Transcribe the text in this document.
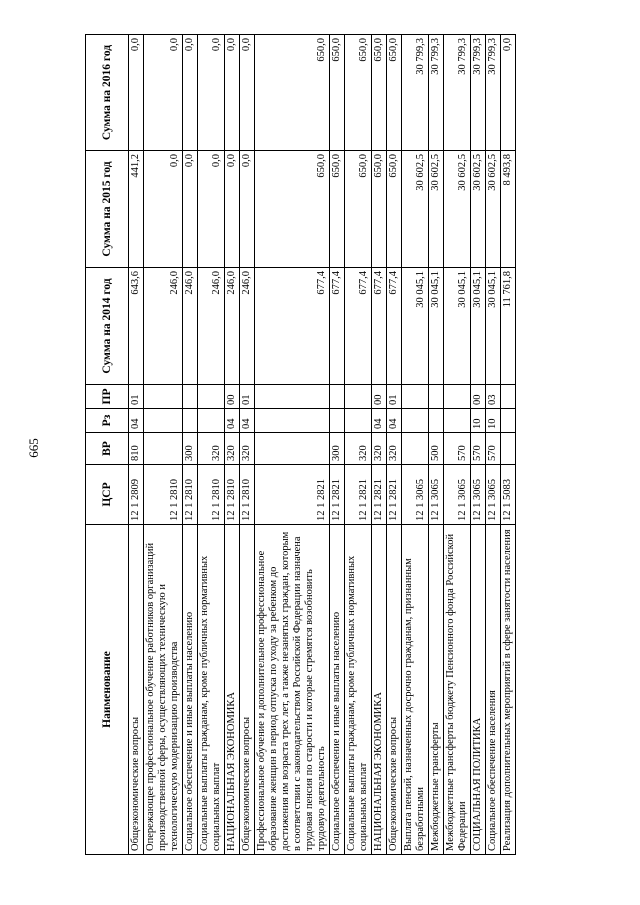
665
Наименование	ЦСР	ВР	Рз	ПР	Сумма на 2014 год	Сумма на 2015 год	Сумма на 2016 год
Общеэкономические вопросы	12 1 2809	810	04	01	643,6	441,2	0,0
Опережающее профессиональное обучение работников организаций производственной сферы, осуществляющих техническую и технологическую модернизацию производства	12 1 2810				246,0	0,0	0,0
Социальное обеспечение и иные выплаты населению	12 1 2810	300			246,0	0,0	0,0
Социальные выплаты гражданам, кроме публичных нормативных социальных выплат	12 1 2810	320			246,0	0,0	0,0
НАЦИОНАЛЬНАЯ ЭКОНОМИКА	12 1 2810	320	04	00	246,0	0,0	0,0
Общеэкономические вопросы	12 1 2810	320	04	01	246,0	0,0	0,0
Профессиональное обучение и дополнительное профессиональное образование женщин в период отпуска по уходу за ребенком до достижения им возраста трех лет, а также незанятых граждан, которым в соответствии с законодательством Российской Федерации назначена трудовая пенсия по старости и которые стремятся возобновить трудовую деятельность	12 1 2821				677,4	650,0	650,0
Социальное обеспечение и иные выплаты населению	12 1 2821	300			677,4	650,0	650,0
Социальные выплаты гражданам, кроме публичных нормативных социальных выплат	12 1 2821	320			677,4	650,0	650,0
НАЦИОНАЛЬНАЯ ЭКОНОМИКА	12 1 2821	320	04	00	677,4	650,0	650,0
Общеэкономические вопросы	12 1 2821	320	04	01	677,4	650,0	650,0
Выплата пенсий, назначенных досрочно гражданам, признанным безработными	12 1 3065				30 045,1	30 602,5	30 799,3
Межбюджетные трансферты	12 1 3065	500			30 045,1	30 602,5	30 799,3
Межбюджетные трансферты бюджету Пенсионного фонда Российской Федерации	12 1 3065	570			30 045,1	30 602,5	30 799,3
СОЦИАЛЬНАЯ ПОЛИТИКА	12 1 3065	570	10	00	30 045,1	30 602,5	30 799,3
Социальное обеспечение населения	12 1 3065	570	10	03	30 045,1	30 602,5	30 799,3
Реализация дополнительных мероприятий в сфере занятости населения	12 1 5083				11 761,8	8 493,8	0,0
